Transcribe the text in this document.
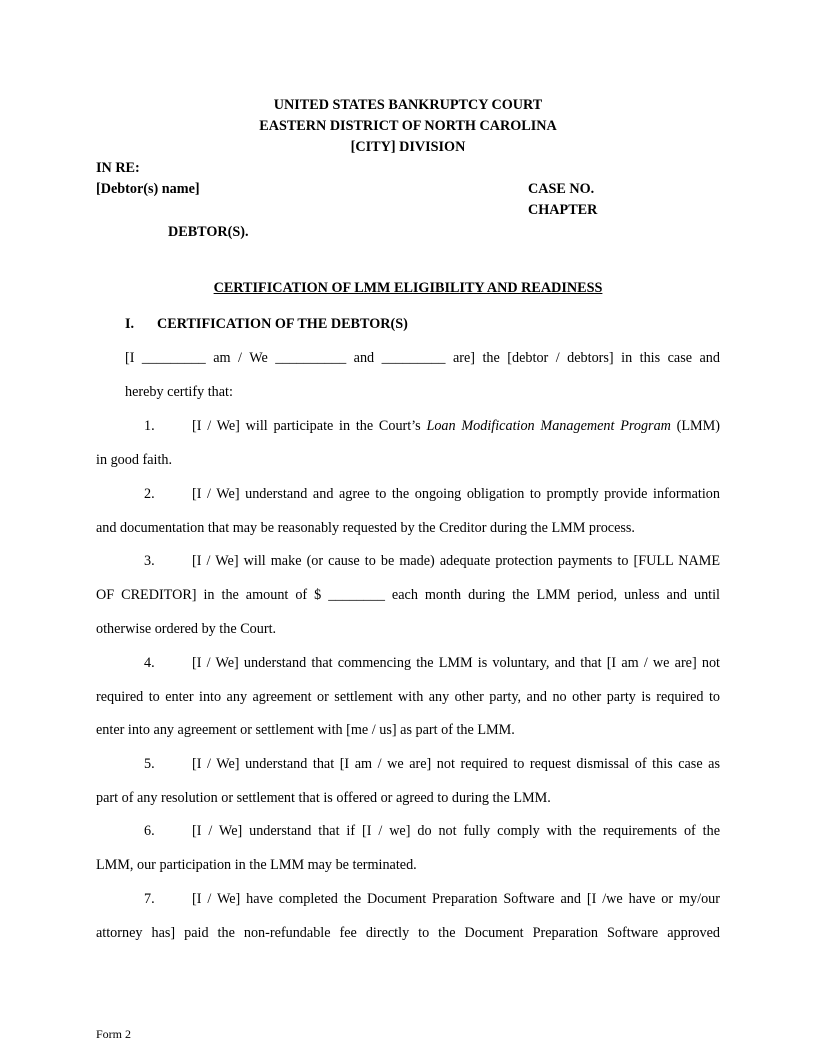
UNITED STATES BANKRUPTCY COURT
EASTERN DISTRICT OF NORTH CAROLINA
[CITY] DIVISION
IN RE:
[Debtor(s) name]	CASE NO.
CHAPTER
DEBTOR(S).
CERTIFICATION OF LMM ELIGIBILITY AND READINESS
I. CERTIFICATION OF THE DEBTOR(S)
[I _________ am / We __________ and _________ are] the [debtor / debtors] in this case and
hereby certify that:
1.	[I / We] will participate in the Court’s Loan Modification Management Program (LMM)
in good faith.
2.	[I / We] understand and agree to the ongoing obligation to promptly provide information
and documentation that may be reasonably requested by the Creditor during the LMM process.
3.	[I / We] will make (or cause to be made) adequate protection payments to [FULL NAME
OF CREDITOR] in the amount of $ ________ each month during the LMM period, unless and until
otherwise ordered by the Court.
4.	[I / We] understand that commencing the LMM is voluntary, and that [I am / we are] not
required to enter into any agreement or settlement with any other party, and no other party is required to
enter into any agreement or settlement with [me / us] as part of the LMM.
5.	[I / We] understand that [I am / we are] not required to request dismissal of this case as
part of any resolution or settlement that is offered or agreed to during the LMM.
6.	[I / We] understand that if [I / we] do not fully comply with the requirements of the
LMM, our participation in the LMM may be terminated.
7.	[I / We] have completed the Document Preparation Software and [I /we have or my/our
attorney has] paid the non-refundable fee directly to the Document Preparation Software approved
Form 2
